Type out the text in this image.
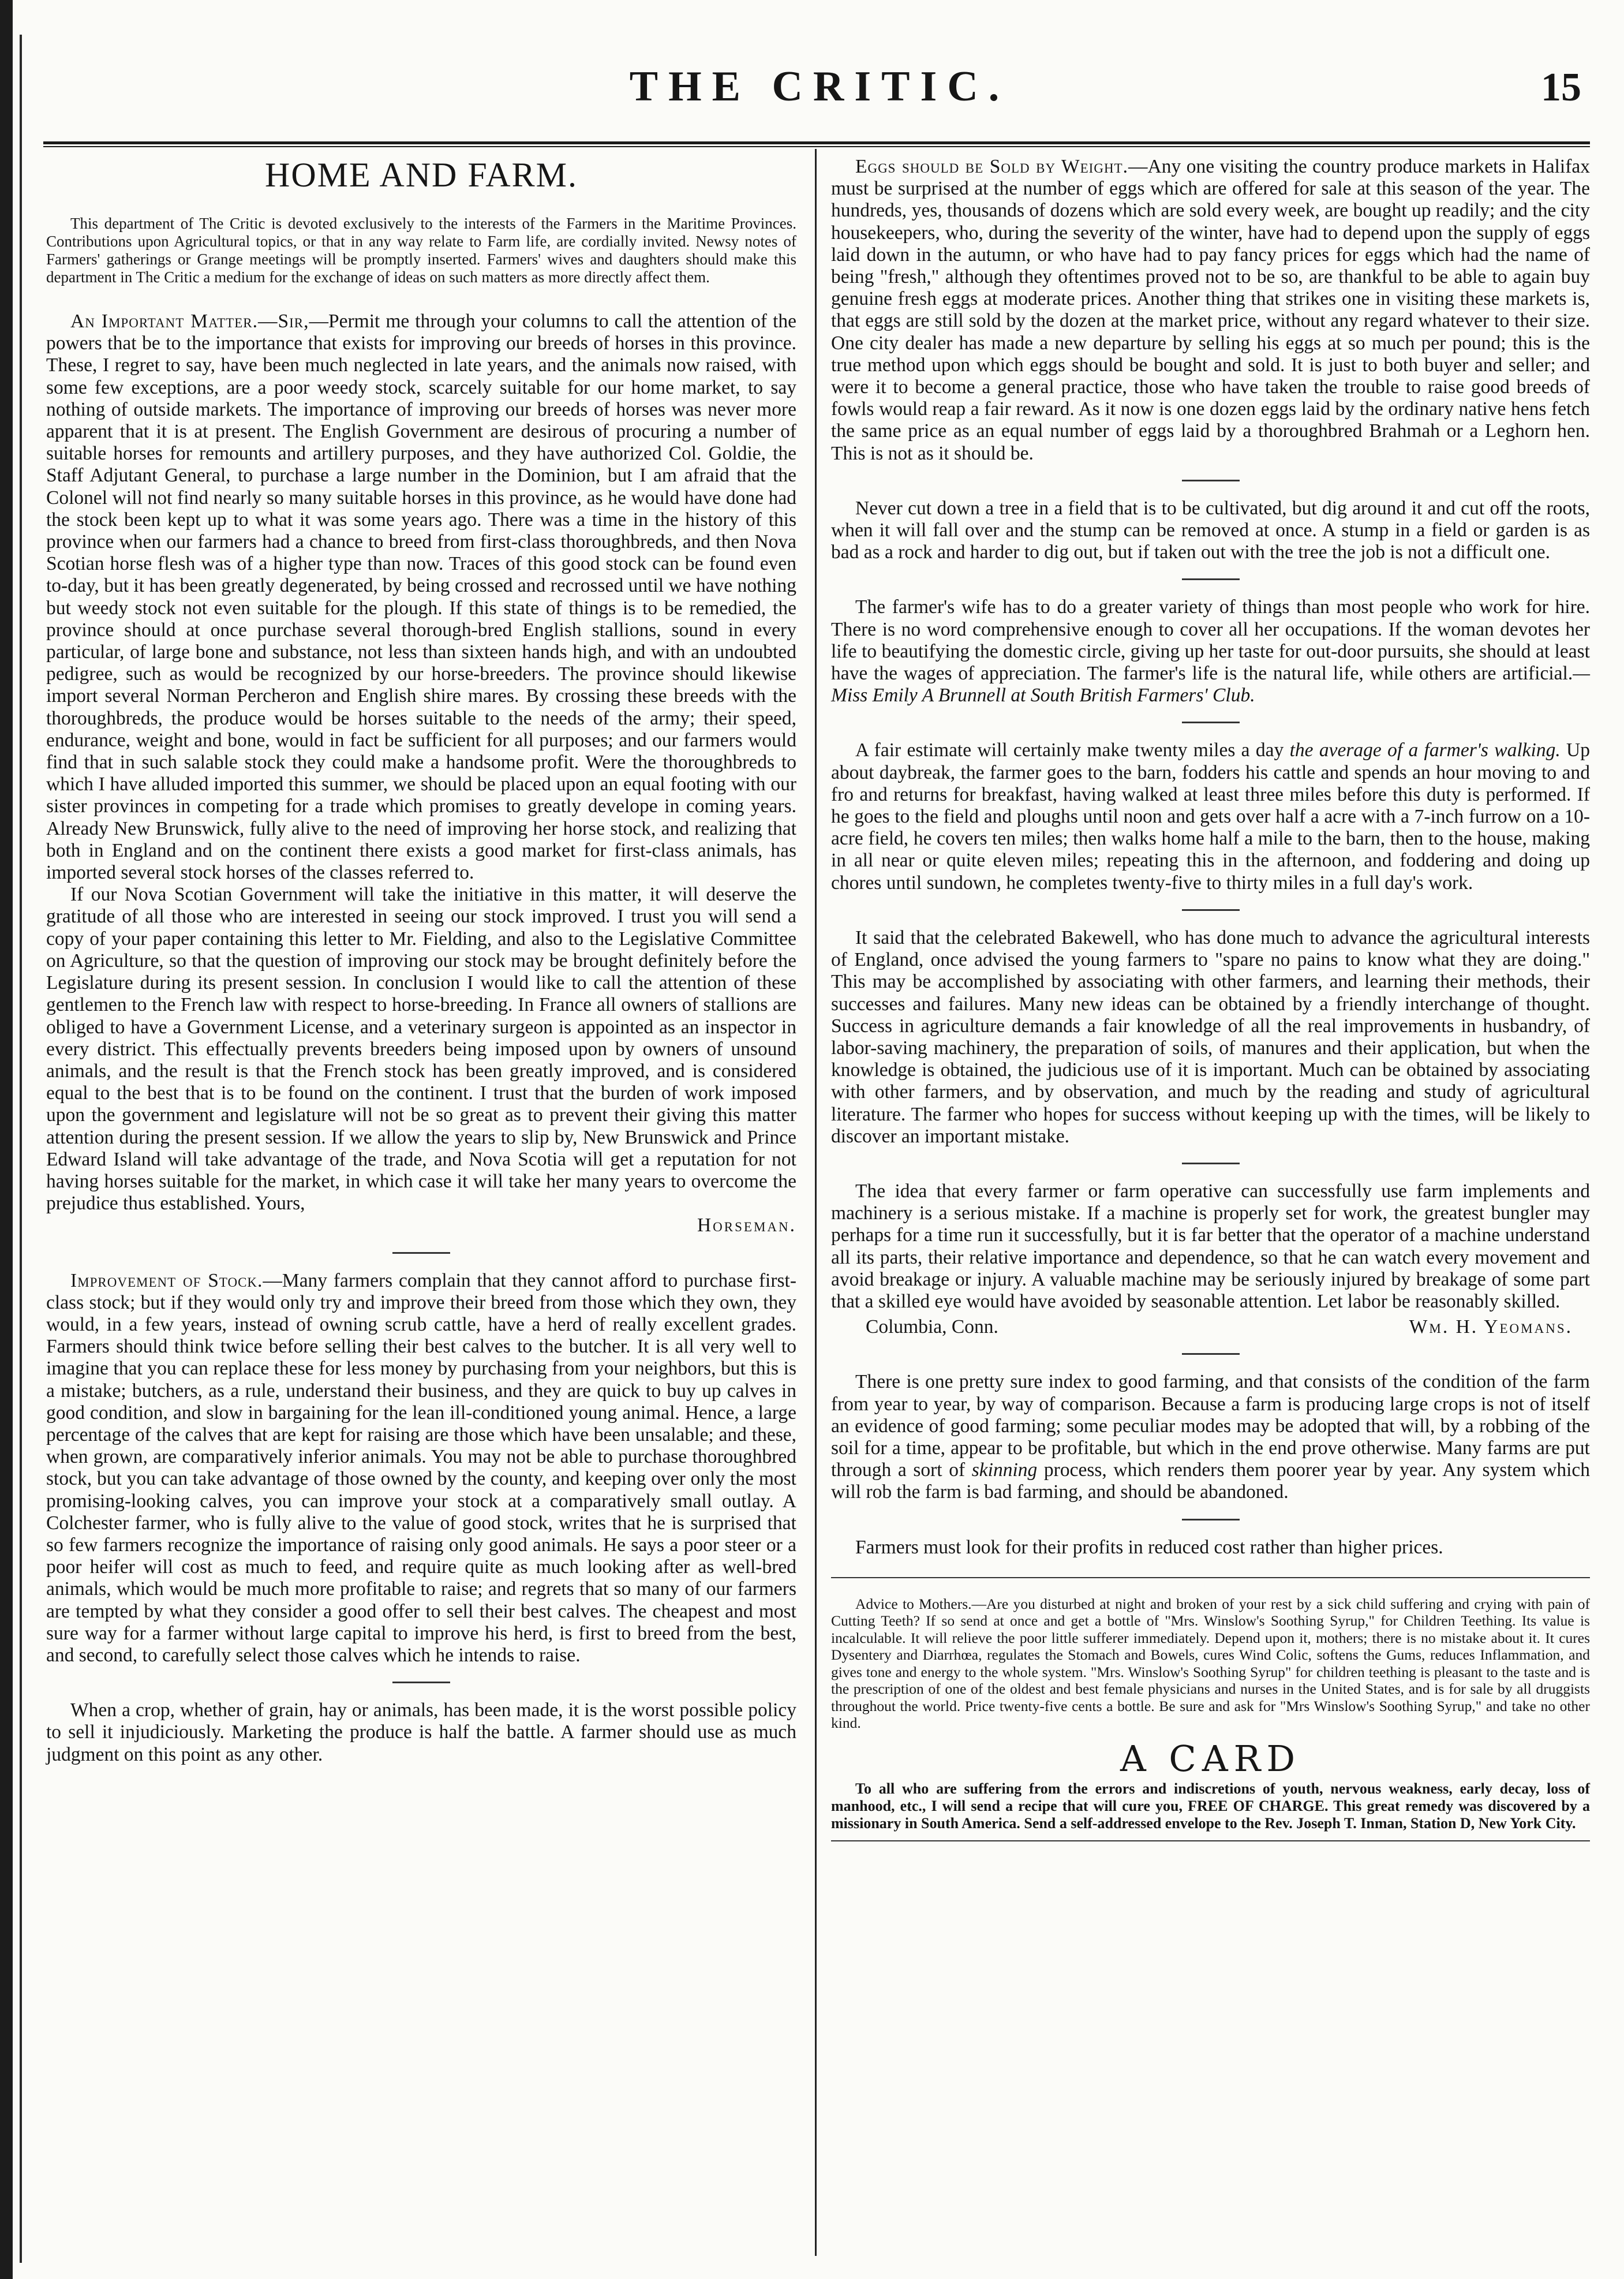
THE CRITIC.	15
HOME AND FARM.

This department of The Critic is devoted exclusively to the interests of the Farmers in the Maritime Provinces. Contributions upon Agricultural topics, or that in any way relate to Farm life, are cordially invited. Newsy notes of Farmers' gatherings or Grange meetings will be promptly inserted. Farmers' wives and daughters should make this department in The Critic a medium for the exchange of ideas on such matters as more directly affect them.

An Important Matter.—Sir,—Permit me through your columns to call the attention of the powers that be to the importance that exists for improving our breeds of horses in this province. These, I regret to say, have been much neglected in late years, and the animals now raised, with some few exceptions, are a poor weedy stock, scarcely suitable for our home market, to say nothing of outside markets. The importance of improving our breeds of horses was never more apparent that it is at present. The English Government are desirous of procuring a number of suitable horses for remounts and artillery purposes, and they have authorized Col. Goldie, the Staff Adjutant General, to purchase a large number in the Dominion, but I am afraid that the Colonel will not find nearly so many suitable horses in this province, as he would have done had the stock been kept up to what it was some years ago. There was a time in the history of this province when our farmers had a chance to breed from first-class thoroughbreds, and then Nova Scotian horse flesh was of a higher type than now. Traces of this good stock can be found even to-day, but it has been greatly degenerated, by being crossed and recrossed until we have nothing but weedy stock not even suitable for the plough. If this state of things is to be remedied, the province should at once purchase several thorough-bred English stallions, sound in every particular, of large bone and substance, not less than sixteen hands high, and with an undoubted pedigree, such as would be recognized by our horse-breeders. The province should likewise import several Norman Percheron and English shire mares. By crossing these breeds with the thoroughbreds, the produce would be horses suitable to the needs of the army; their speed, endurance, weight and bone, would in fact be sufficient for all purposes; and our farmers would find that in such salable stock they could make a handsome profit. Were the thoroughbreds to which I have alluded imported this summer, we should be placed upon an equal footing with our sister provinces in competing for a trade which promises to greatly develope in coming years. Already New Brunswick, fully alive to the need of improving her horse stock, and realizing that both in England and on the continent there exists a good market for first-class animals, has imported several stock horses of the classes referred to.

If our Nova Scotian Government will take the initiative in this matter, it will deserve the gratitude of all those who are interested in seeing our stock improved. I trust you will send a copy of your paper containing this letter to Mr. Fielding, and also to the Legislative Committee on Agriculture, so that the question of improving our stock may be brought definitely before the Legislature during its present session. In conclusion I would like to call the attention of these gentlemen to the French law with respect to horse-breeding. In France all owners of stallions are obliged to have a Government License, and a veterinary surgeon is appointed as an inspector in every district. This effectually prevents breeders being imposed upon by owners of unsound animals, and the result is that the French stock has been greatly improved, and is considered equal to the best that is to be found on the continent. I trust that the burden of work imposed upon the government and legislature will not be so great as to prevent their giving this matter attention during the present session. If we allow the years to slip by, New Brunswick and Prince Edward Island will take advantage of the trade, and Nova Scotia will get a reputation for not having horses suitable for the market, in which case it will take her many years to overcome the prejudice thus established. Yours,

Horseman.

Improvement of Stock.—Many farmers complain that they cannot afford to purchase first-class stock; but if they would only try and improve their breed from those which they own, they would, in a few years, instead of owning scrub cattle, have a herd of really excellent grades. Farmers should think twice before selling their best calves to the butcher. It is all very well to imagine that you can replace these for less money by purchasing from your neighbors, but this is a mistake; butchers, as a rule, understand their business, and they are quick to buy up calves in good condition, and slow in bargaining for the lean ill-conditioned young animal. Hence, a large percentage of the calves that are kept for raising are those which have been unsalable; and these, when grown, are comparatively inferior animals. You may not be able to purchase thoroughbred stock, but you can take advantage of those owned by the county, and keeping over only the most promising-looking calves, you can improve your stock at a comparatively small outlay. A Colchester farmer, who is fully alive to the value of good stock, writes that he is surprised that so few farmers recognize the importance of raising only good animals. He says a poor steer or a poor heifer will cost as much to feed, and require quite as much looking after as well-bred animals, which would be much more profitable to raise; and regrets that so many of our farmers are tempted by what they consider a good offer to sell their best calves. The cheapest and most sure way for a farmer without large capital to improve his herd, is first to breed from the best, and second, to carefully select those calves which he intends to raise.

When a crop, whether of grain, hay or animals, has been made, it is the worst possible policy to sell it injudiciously. Marketing the produce is half the battle. A farmer should use as much judgment on this point as any other.

Eggs should be Sold by Weight.—Any one visiting the country produce markets in Halifax must be surprised at the number of eggs which are offered for sale at this season of the year. The hundreds, yes, thousands of dozens which are sold every week, are bought up readily; and the city housekeepers, who, during the severity of the winter, have had to depend upon the supply of eggs laid down in the autumn, or who have had to pay fancy prices for eggs which had the name of being "fresh," although they oftentimes proved not to be so, are thankful to be able to again buy genuine fresh eggs at moderate prices. Another thing that strikes one in visiting these markets is, that eggs are still sold by the dozen at the market price, without any regard whatever to their size. One city dealer has made a new departure by selling his eggs at so much per pound; this is the true method upon which eggs should be bought and sold. It is just to both buyer and seller; and were it to become a general practice, those who have taken the trouble to raise good breeds of fowls would reap a fair reward. As it now is one dozen eggs laid by the ordinary native hens fetch the same price as an equal number of eggs laid by a thoroughbred Brahmah or a Leghorn hen. This is not as it should be.

Never cut down a tree in a field that is to be cultivated, but dig around it and cut off the roots, when it will fall over and the stump can be removed at once. A stump in a field or garden is as bad as a rock and harder to dig out, but if taken out with the tree the job is not a difficult one.

The farmer's wife has to do a greater variety of things than most people who work for hire. There is no word comprehensive enough to cover all her occupations. If the woman devotes her life to beautifying the domestic circle, giving up her taste for out-door pursuits, she should at least have the wages of appreciation. The farmer's life is the natural life, while others are artificial.—Miss Emily A Brunnell at South British Farmers' Club.

A fair estimate will certainly make twenty miles a day the average of a farmer's walking. Up about daybreak, the farmer goes to the barn, fodders his cattle and spends an hour moving to and fro and returns for breakfast, having walked at least three miles before this duty is performed. If he goes to the field and ploughs until noon and gets over half a acre with a 7-inch furrow on a 10-acre field, he covers ten miles; then walks home half a mile to the barn, then to the house, making in all near or quite eleven miles; repeating this in the afternoon, and foddering and doing up chores until sundown, he completes twenty-five to thirty miles in a full day's work.

It said that the celebrated Bakewell, who has done much to advance the agricultural interests of England, once advised the young farmers to "spare no pains to know what they are doing." This may be accomplished by associating with other farmers, and learning their methods, their successes and failures. Many new ideas can be obtained by a friendly interchange of thought. Success in agriculture demands a fair knowledge of all the real improvements in husbandry, of labor-saving machinery, the preparation of soils, of manures and their application, but when the knowledge is obtained, the judicious use of it is important. Much can be obtained by associating with other farmers, and by observation, and much by the reading and study of agricultural literature. The farmer who hopes for success without keeping up with the times, will be likely to discover an important mistake.

The idea that every farmer or farm operative can successfully use farm implements and machinery is a serious mistake. If a machine is properly set for work, the greatest bungler may perhaps for a time run it successfully, but it is far better that the operator of a machine understand all its parts, their relative importance and dependence, so that he can watch every movement and avoid breakage or injury. A valuable machine may be seriously injured by breakage of some part that a skilled eye would have avoided by seasonable attention. Let labor be reasonably skilled.

Columbia, Conn.	Wm. H. Yeomans.

There is one pretty sure index to good farming, and that consists of the condition of the farm from year to year, by way of comparison. Because a farm is producing large crops is not of itself an evidence of good farming; some peculiar modes may be adopted that will, by a robbing of the soil for a time, appear to be profitable, but which in the end prove otherwise. Many farms are put through a sort of skinning process, which renders them poorer year by year. Any system which will rob the farm is bad farming, and should be abandoned.

Farmers must look for their profits in reduced cost rather than higher prices.

Advice to Mothers.—Are you disturbed at night and broken of your rest by a sick child suffering and crying with pain of Cutting Teeth? If so send at once and get a bottle of "Mrs. Winslow's Soothing Syrup," for Children Teething. Its value is incalculable. It will relieve the poor little sufferer immediately. Depend upon it, mothers; there is no mistake about it. It cures Dysentery and Diarrhœa, regulates the Stomach and Bowels, cures Wind Colic, softens the Gums, reduces Inflammation, and gives tone and energy to the whole system. "Mrs. Winslow's Soothing Syrup" for children teething is pleasant to the taste and is the prescription of one of the oldest and best female physicians and nurses in the United States, and is for sale by all druggists throughout the world. Price twenty-five cents a bottle. Be sure and ask for "Mrs Winslow's Soothing Syrup," and take no other kind.

A CARD

To all who are suffering from the errors and indiscretions of youth, nervous weakness, early decay, loss of manhood, etc., I will send a recipe that will cure you, FREE OF CHARGE. This great remedy was discovered by a missionary in South America. Send a self-addressed envelope to the Rev. Joseph T. Inman, Station D, New York City.
